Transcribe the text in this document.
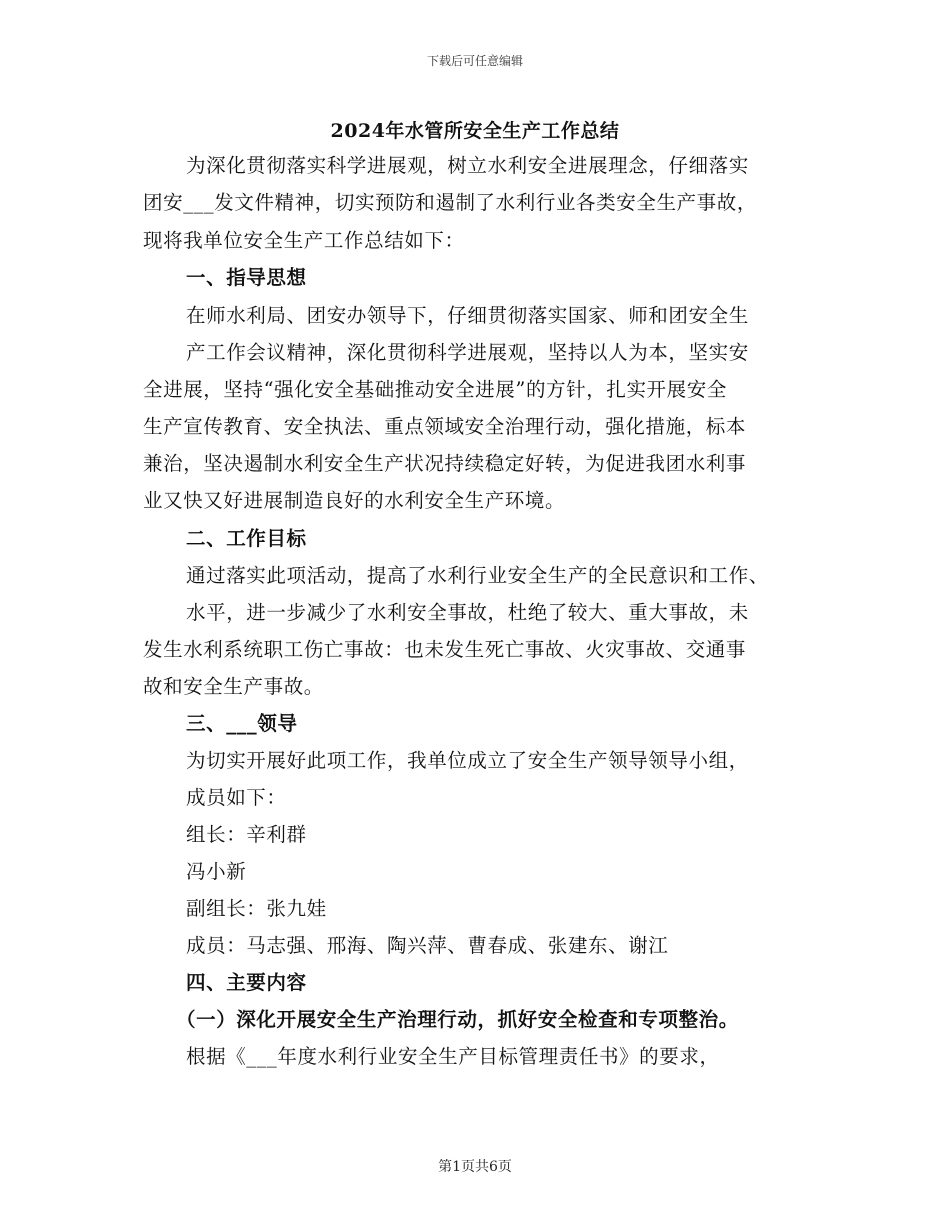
下载后可任意编辑
2024年水管所安全生产工作总结
为深化贯彻落实科学进展观，树立水利安全进展理念，仔细落实
团安___发文件精神，切实预防和遏制了水利行业各类安全生产事故，
现将我单位安全生产工作总结如下：
一、指导思想
在师水利局、团安办领导下，仔细贯彻落实国家、师和团安全生
产工作会议精神，深化贯彻科学进展观，坚持以人为本，坚实安
全进展，坚持“强化安全基础推动安全进展”的方针，扎实开展安全
生产宣传教育、安全执法、重点领域安全治理行动，强化措施，标本
兼治，坚决遏制水利安全生产状况持续稳定好转，为促进我团水利事
业又快又好进展制造良好的水利安全生产环境。
二、工作目标
通过落实此项活动，提高了水利行业安全生产的全民意识和工作、
水平，进一步减少了水利安全事故，杜绝了较大、重大事故，未
发生水利系统职工伤亡事故：也未发生死亡事故、火灾事故、交通事
故和安全生产事故。
三、___领导
为切实开展好此项工作，我单位成立了安全生产领导领导小组，
成员如下：
组长：辛利群
冯小新
副组长：张九娃
成员：马志强、邢海、陶兴萍、曹春成、张建东、谢江
四、主要内容
（一）深化开展安全生产治理行动，抓好安全检查和专项整治。
根据《___年度水利行业安全生产目标管理责任书》的要求，
第1页共6页
